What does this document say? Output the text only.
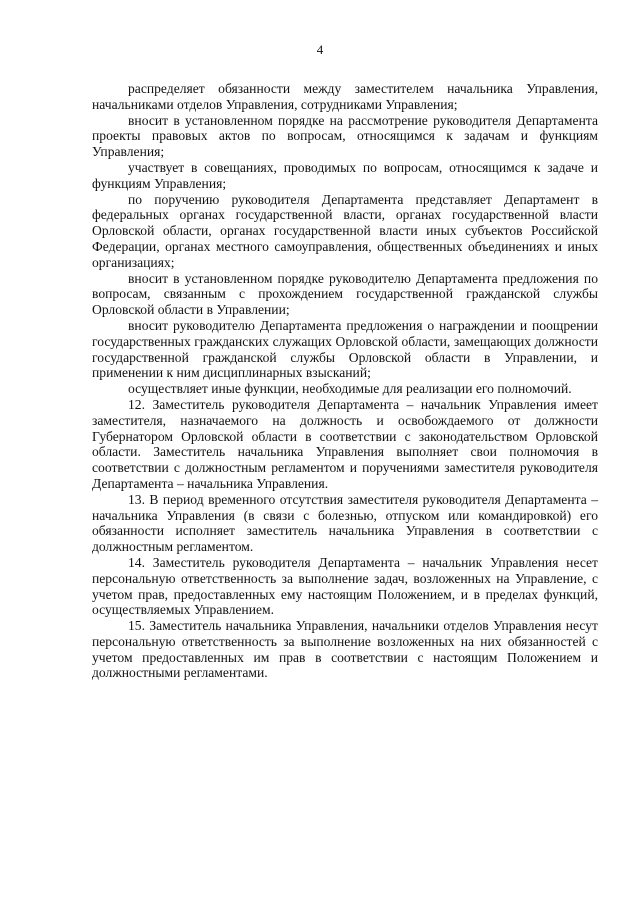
4

распределяет обязанности между заместителем начальника Управления, начальниками отделов Управления, сотрудниками Управления;

вносит в установленном порядке на рассмотрение руководителя Департамента проекты правовых актов по вопросам, относящимся к задачам и функциям Управления;

участвует в совещаниях, проводимых по вопросам, относящимся к задаче и функциям Управления;

по поручению руководителя Департамента представляет Департамент в федеральных органах государственной власти, органах государственной власти Орловской области, органах государственной власти иных субъектов Российской Федерации, органах местного самоуправления, общественных объединениях и иных организациях;

вносит в установленном порядке руководителю Департамента предложения по вопросам, связанным с прохождением государственной гражданской службы Орловской области в Управлении;

вносит руководителю Департамента предложения о награждении и поощрении государственных гражданских служащих Орловской области, замещающих должности государственной гражданской службы Орловской области в Управлении, и применении к ним дисциплинарных взысканий;

осуществляет иные функции, необходимые для реализации его полномочий.

12. Заместитель руководителя Департамента – начальник Управления имеет заместителя, назначаемого на должность и освобождаемого от должности Губернатором Орловской области в соответствии с законодательством Орловской области. Заместитель начальника Управления выполняет свои полномочия в соответствии с должностным регламентом и поручениями заместителя руководителя Департамента – начальника Управления.

13. В период временного отсутствия заместителя руководителя Департамента – начальника Управления (в связи с болезнью, отпуском или командировкой) его обязанности исполняет заместитель начальника Управления в соответствии с должностным регламентом.

14. Заместитель руководителя Департамента – начальник Управления несет персональную ответственность за выполнение задач, возложенных на Управление, с учетом прав, предоставленных ему настоящим Положением, и в пределах функций, осуществляемых Управлением.

15. Заместитель начальника Управления, начальники отделов Управления несут персональную ответственность за выполнение возложенных на них обязанностей с учетом предоставленных им прав в соответствии с настоящим Положением и должностными регламентами.
